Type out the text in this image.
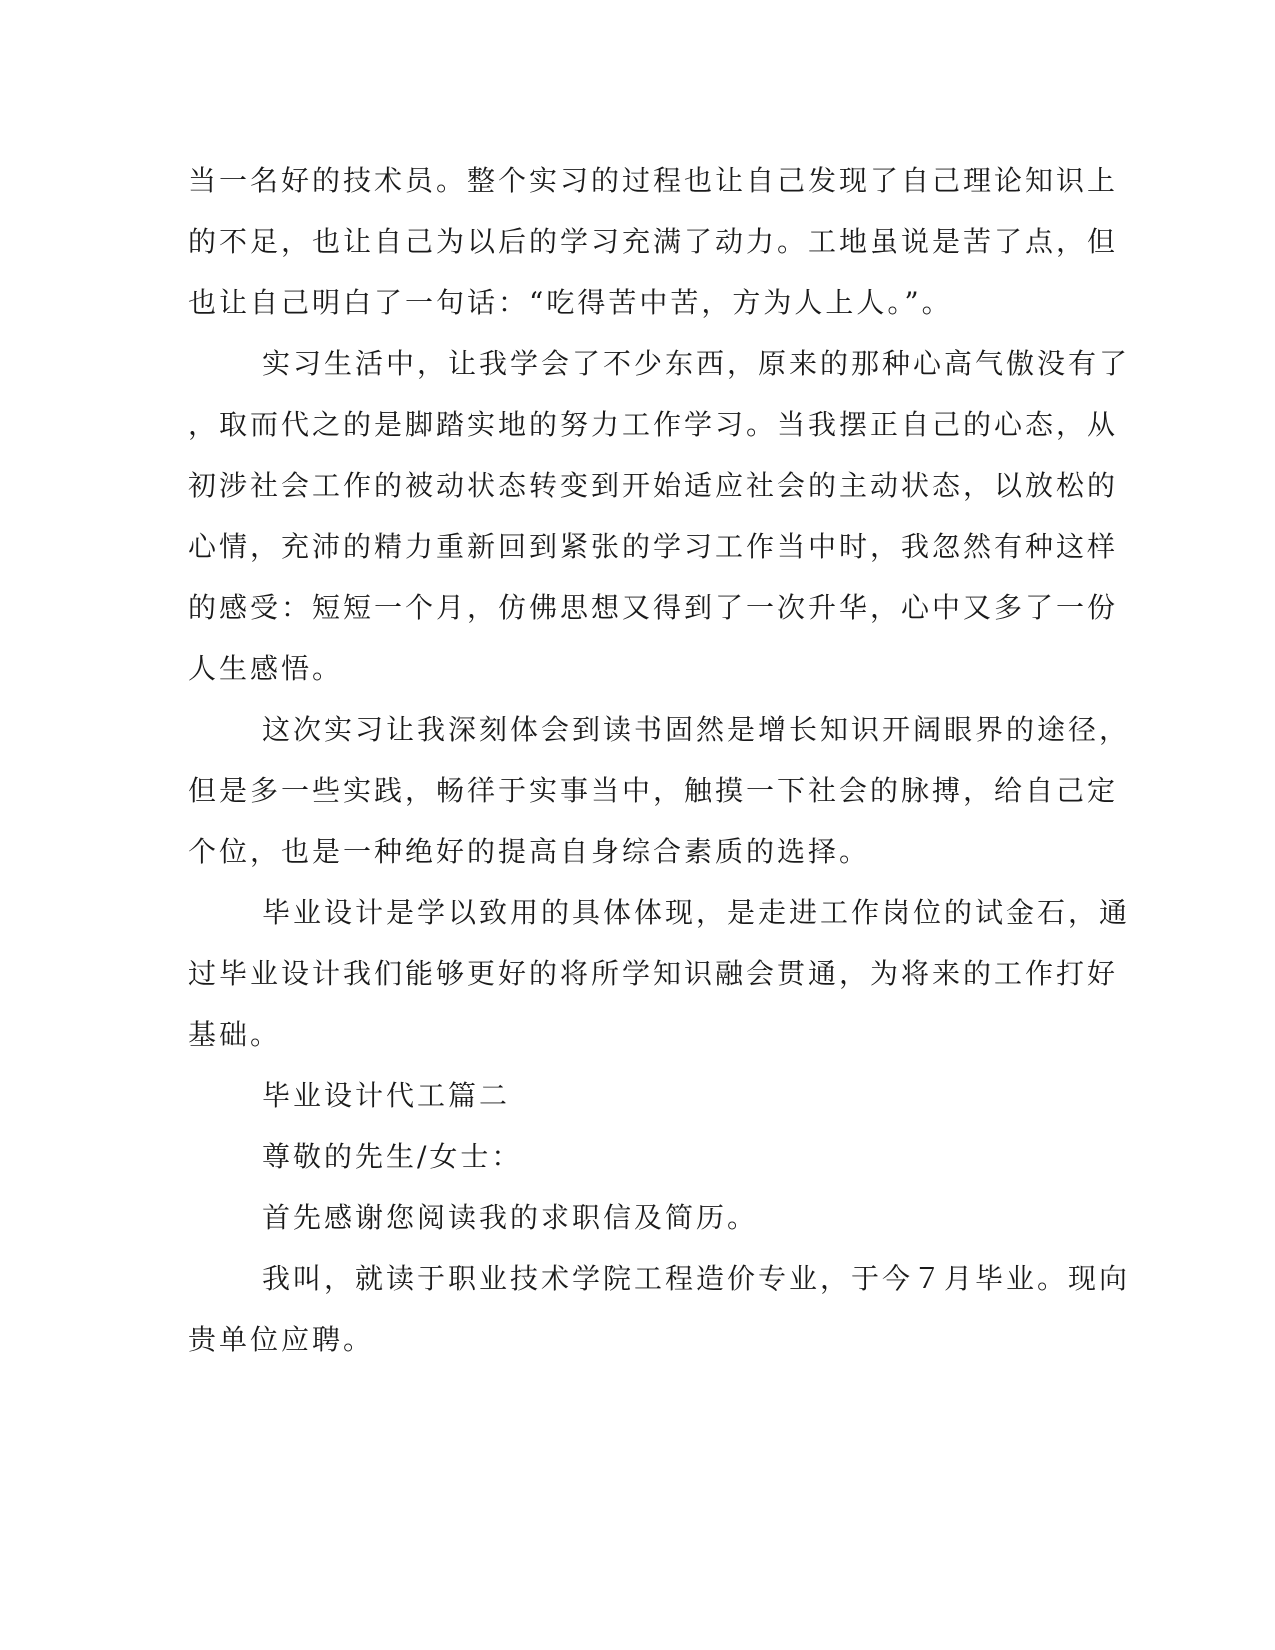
当一名好的技术员。整个实习的过程也让自己发现了自己理论知识上
的不足，也让自己为以后的学习充满了动力。工地虽说是苦了点，但
也让自己明白了一句话：“吃得苦中苦，方为人上人。”。
实习生活中，让我学会了不少东西，原来的那种心高气傲没有了
，取而代之的是脚踏实地的努力工作学习。当我摆正自己的心态，从
初涉社会工作的被动状态转变到开始适应社会的主动状态，以放松的
心情，充沛的精力重新回到紧张的学习工作当中时，我忽然有种这样
的感受：短短一个月，仿佛思想又得到了一次升华，心中又多了一份
人生感悟。
这次实习让我深刻体会到读书固然是增长知识开阔眼界的途径，
但是多一些实践，畅徉于实事当中，触摸一下社会的脉搏，给自己定
个位，也是一种绝好的提高自身综合素质的选择。
毕业设计是学以致用的具体体现，是走进工作岗位的试金石，通
过毕业设计我们能够更好的将所学知识融会贯通，为将来的工作打好
基础。
毕业设计代工篇二
尊敬的先生/女士：
首先感谢您阅读我的求职信及简历。
我叫，就读于职业技术学院工程造价专业，于今７月毕业。现向
贵单位应聘。
